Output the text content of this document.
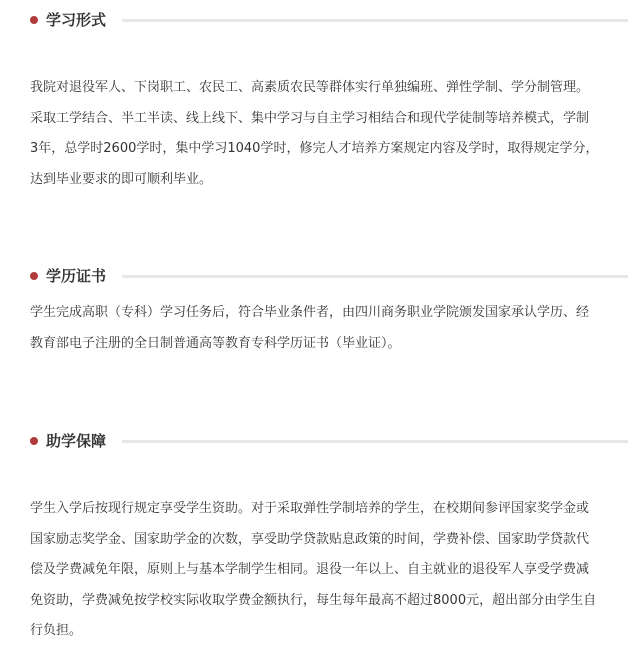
学习形式
我院对退役军人、下岗职工、农民工、高素质农民等群体实行单独编班、弹性学制、学分制管理。
采取工学结合、半工半读、线上线下、集中学习与自主学习相结合和现代学徒制等培养模式，学制
3年，总学时2600学时，集中学习1040学时，修完人才培养方案规定内容及学时，取得规定学分，
达到毕业要求的即可顺利毕业。
学历证书
学生完成高职（专科）学习任务后，符合毕业条件者，由四川商务职业学院颁发国家承认学历、经
教育部电子注册的全日制普通高等教育专科学历证书（毕业证）。
助学保障
学生入学后按现行规定享受学生资助。对于采取弹性学制培养的学生，在校期间参评国家奖学金或
国家励志奖学金、国家助学金的次数，享受助学贷款贴息政策的时间，学费补偿、国家助学贷款代
偿及学费减免年限，原则上与基本学制学生相同。退役一年以上、自主就业的退役军人享受学费减
免资助，学费减免按学校实际收取学费金额执行，每生每年最高不超过8000元，超出部分由学生自
行负担。
